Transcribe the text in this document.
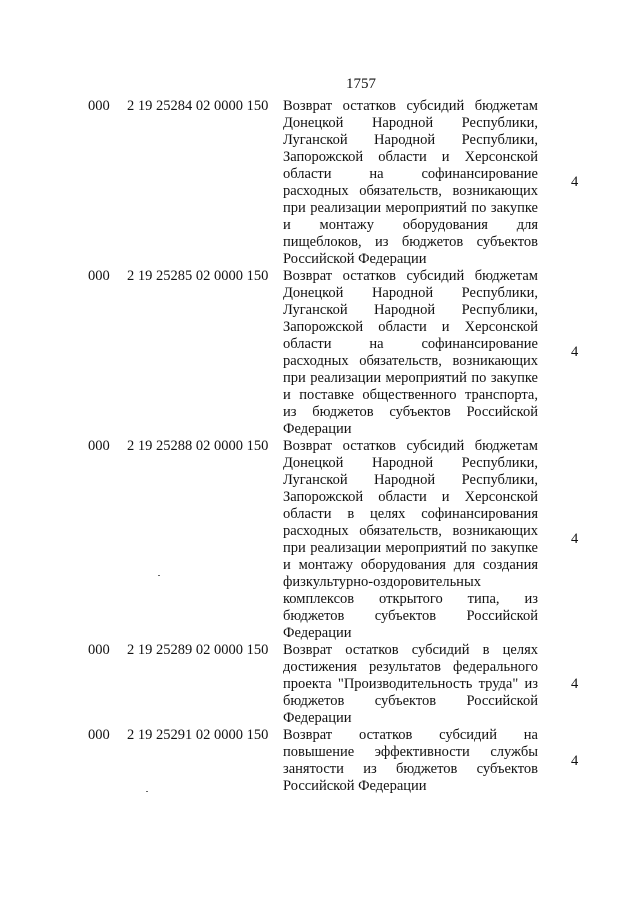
1757
000 2 19 25284 02 0000 150 Возврат остатков субсидий бюджетам
Донецкой Народной Республики,
Луганской Народной Республики,
Запорожской области и Херсонской
области на софинансирование
расходных обязательств, возникающих
при реализации мероприятий по закупке
и монтажу оборудования для
пищеблоков, из бюджетов субъектов
Российской Федерации
4
000 2 19 25285 02 0000 150 Возврат остатков субсидий бюджетам
Донецкой Народной Республики,
Луганской Народной Республики,
Запорожской области и Херсонской
области на софинансирование
расходных обязательств, возникающих
при реализации мероприятий по закупке
и поставке общественного транспорта,
из бюджетов субъектов Российской
Федерации
4
000 2 19 25288 02 0000 150 Возврат остатков субсидий бюджетам
Донецкой Народной Республики,
Луганской Народной Республики,
Запорожской области и Херсонской
области в целях софинансирования
расходных обязательств, возникающих
при реализации мероприятий по закупке
и монтажу оборудования для создания
физкультурно-оздоровительных
комплексов открытого типа, из
бюджетов субъектов Российской
Федерации
4
000 2 19 25289 02 0000 150 Возврат остатков субсидий в целях
достижения результатов федерального
проекта "Производительность труда" из
бюджетов субъектов Российской
Федерации
4
000 2 19 25291 02 0000 150 Возврат остатков субсидий на
повышение эффективности службы
занятости из бюджетов субъектов
Российской Федерации
4
